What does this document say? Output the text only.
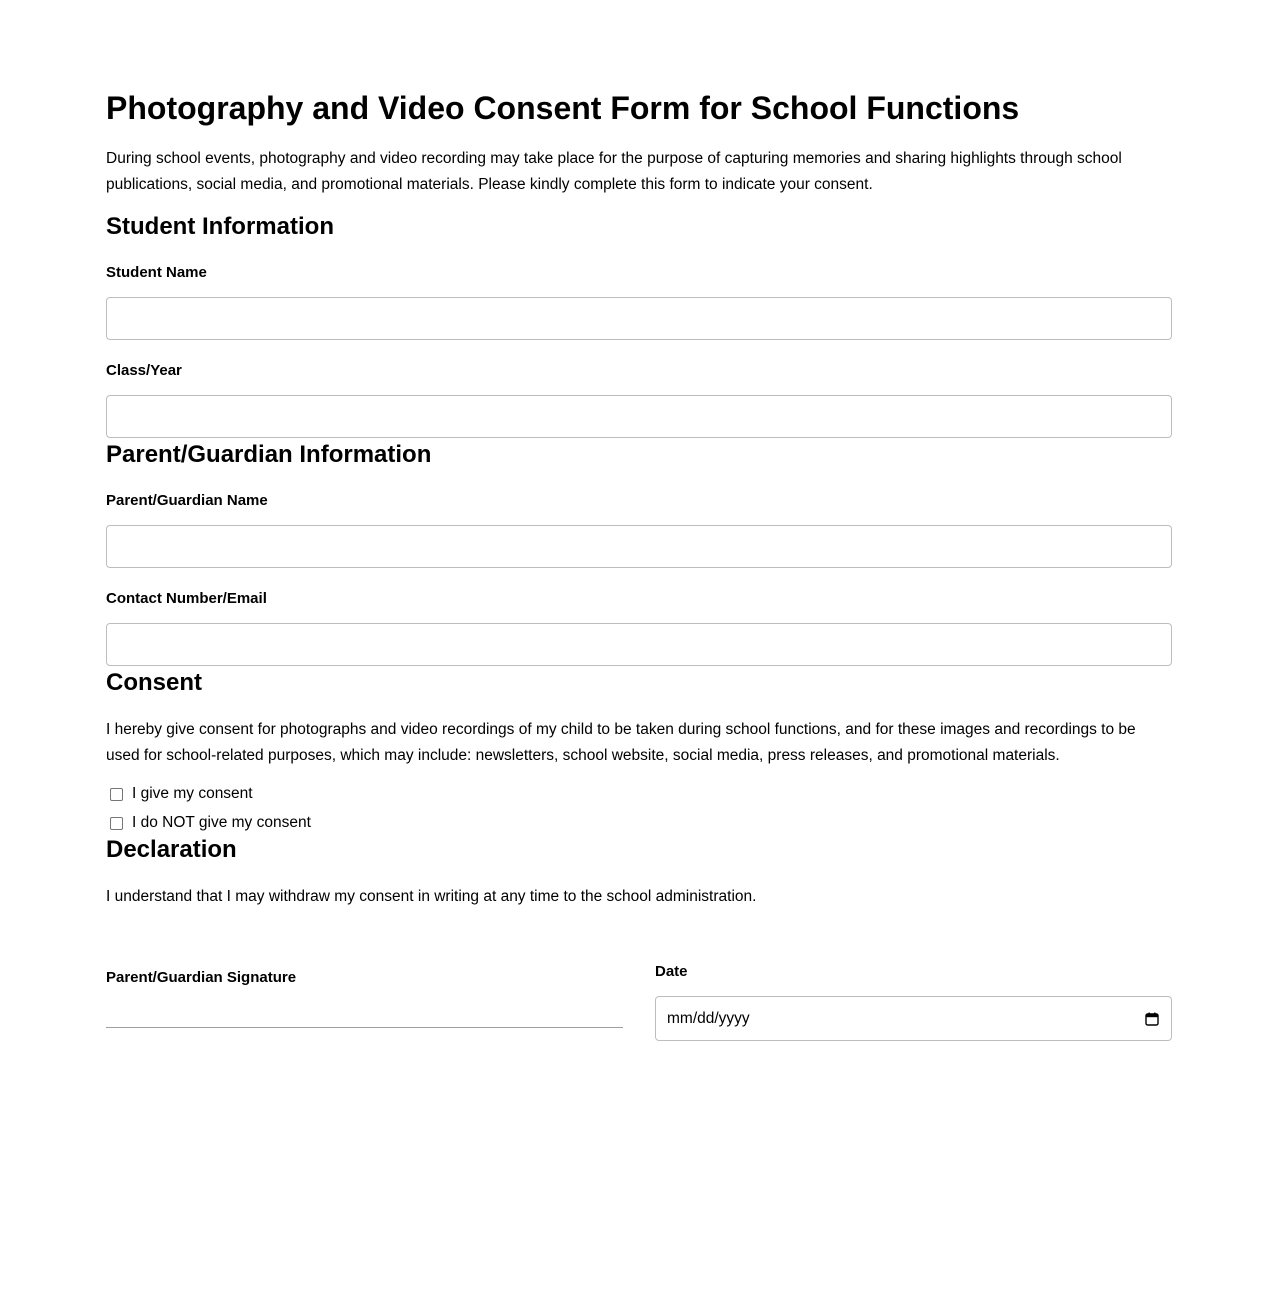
Photography and Video Consent Form for School Functions

During school events, photography and video recording may take place for the purpose of capturing memories and sharing highlights through school publications, social media, and promotional materials. Please kindly complete this form to indicate your consent.

Student Information
Student Name
Class/Year
Parent/Guardian Information
Parent/Guardian Name
Contact Number/Email
Consent

I hereby give consent for photographs and video recordings of my child to be taken during school functions, and for these images and recordings to be used for school-related purposes, which may include: newsletters, school website, social media, press releases, and promotional materials.

I give my consent
I do NOT give my consent
Declaration

I understand that I may withdraw my consent in writing at any time to the school administration.

Parent/Guardian Signature	Date
mm/dd/yyyy
